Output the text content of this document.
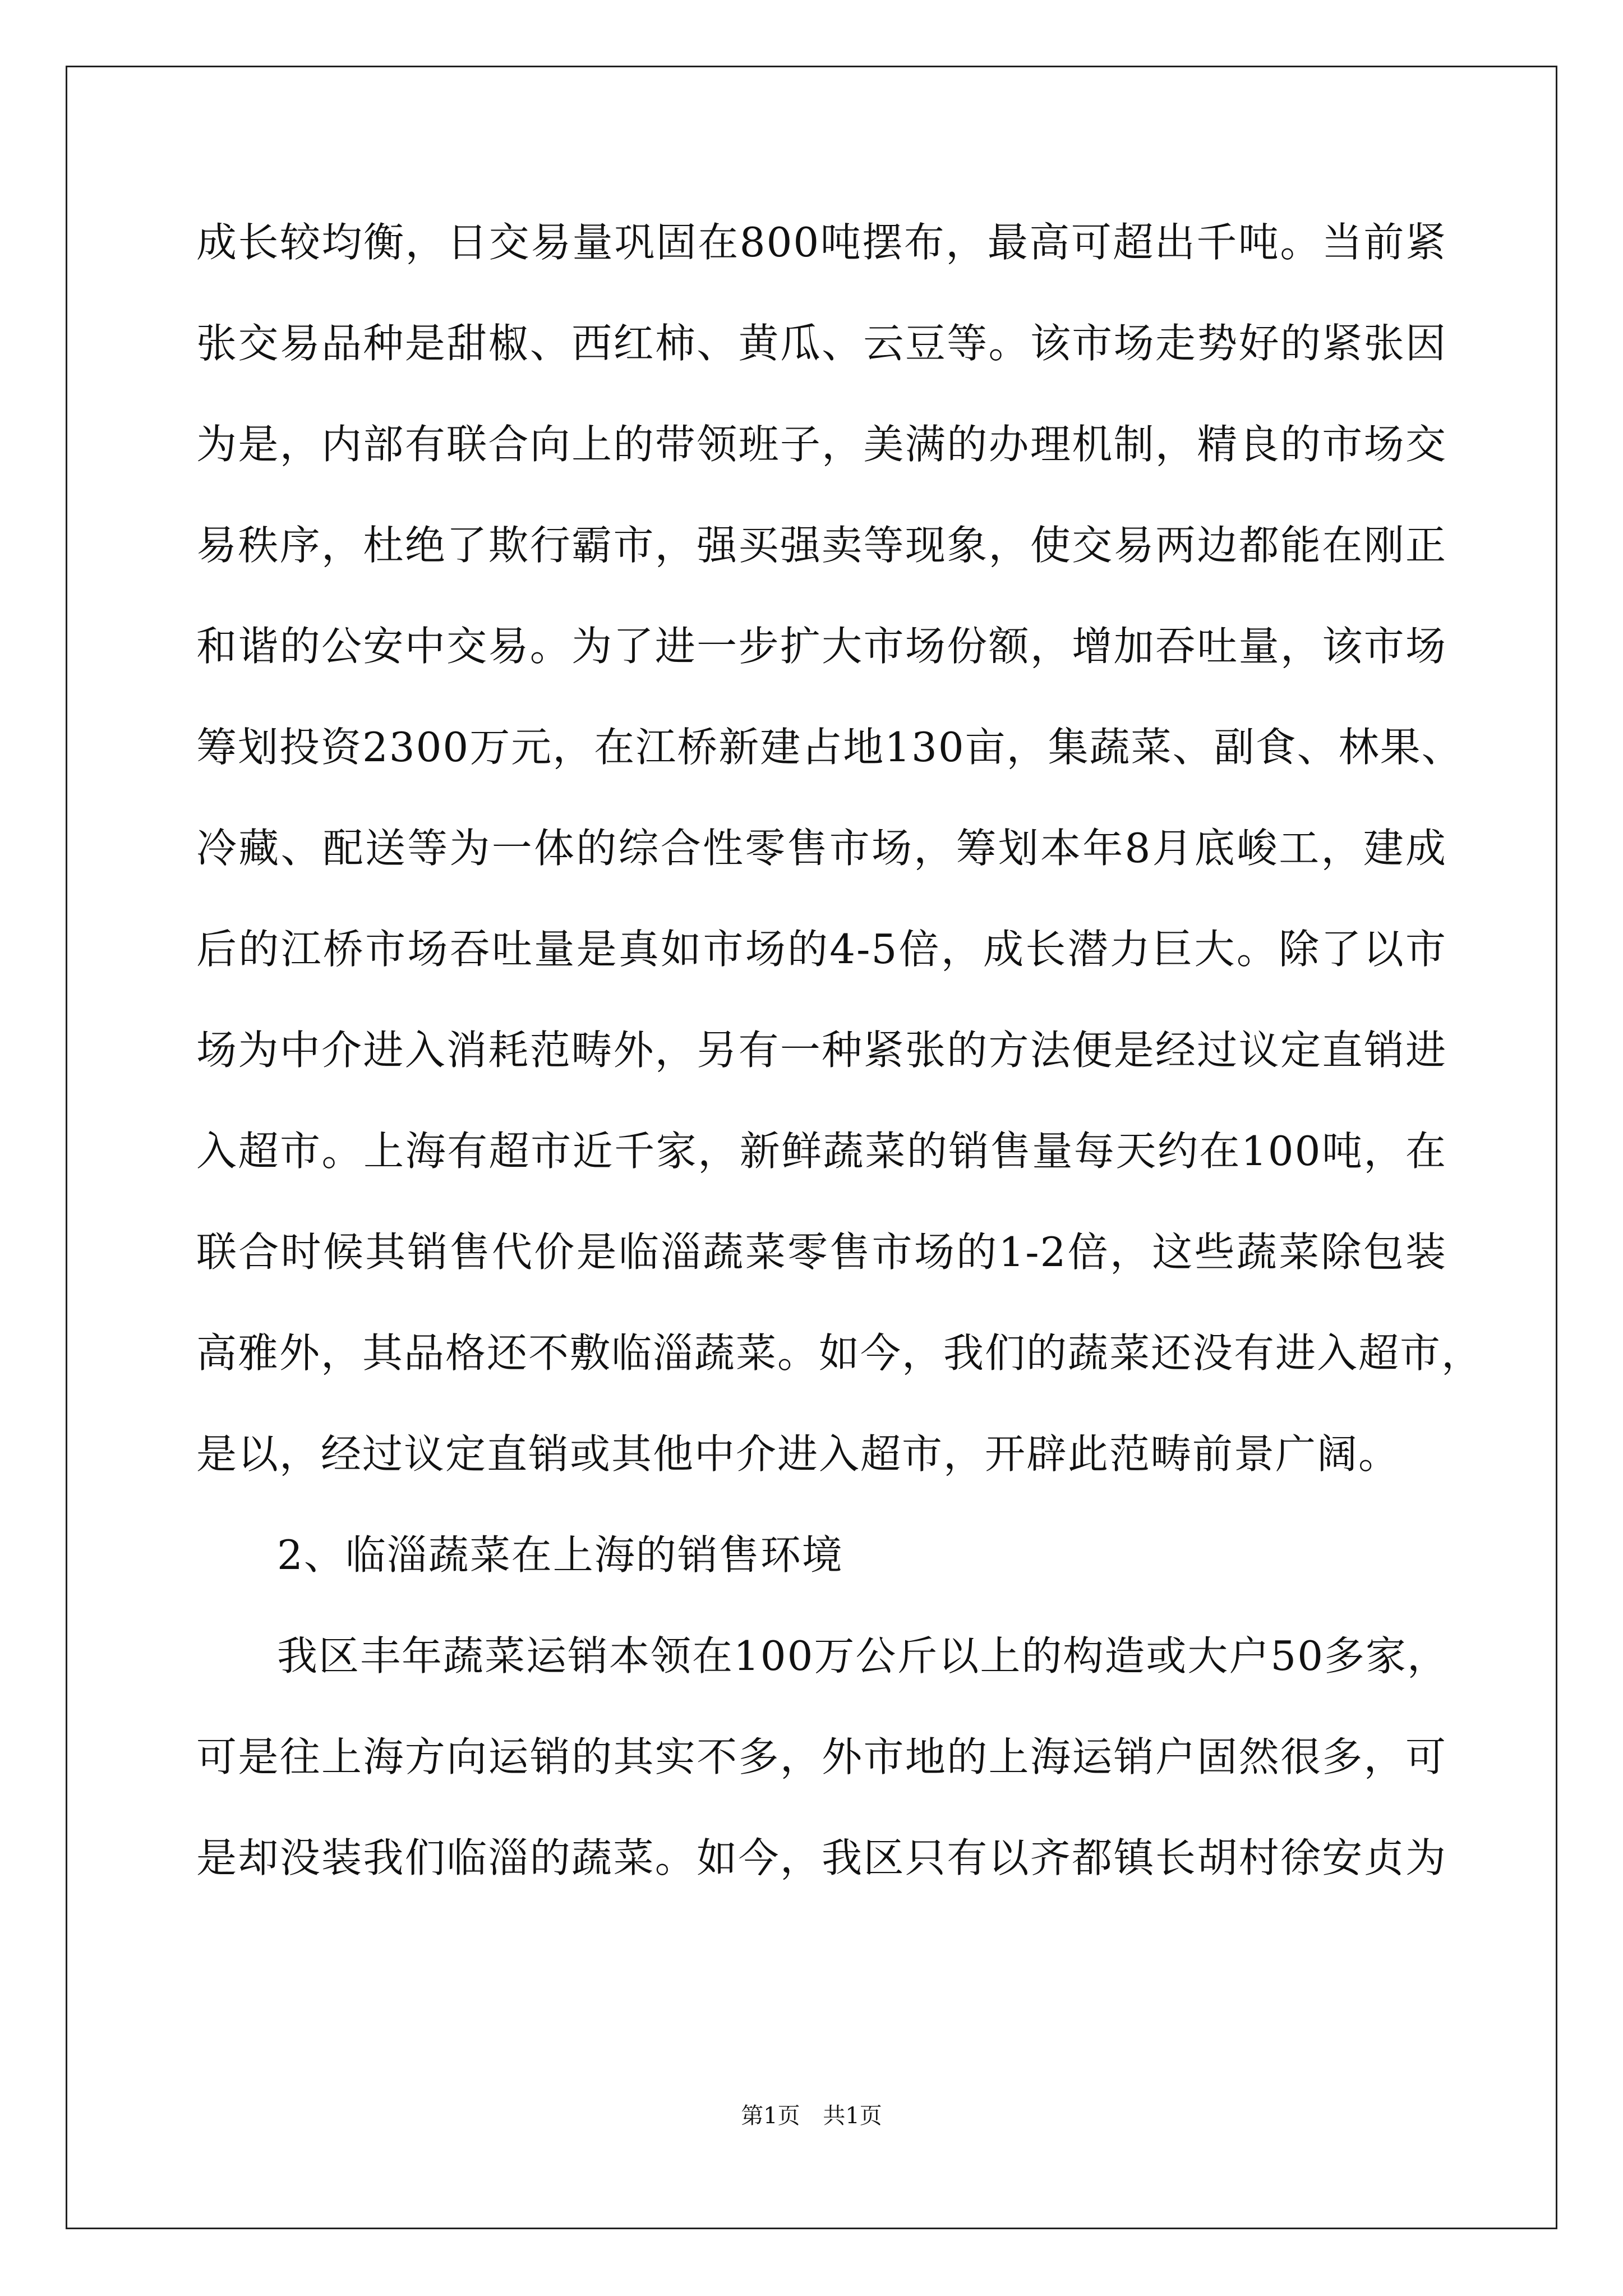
成长较均衡，日交易量巩固在800吨摆布，最高可超出千吨。当前紧
张交易品种是甜椒、西红柿、黄瓜、云豆等。该市场走势好的紧张因
为是，内部有联合向上的带领班子，美满的办理机制，精良的市场交
易秩序，杜绝了欺行霸市，强买强卖等现象，使交易两边都能在刚正
和谐的公安中交易。为了进一步扩大市场份额，增加吞吐量，该市场
筹划投资2300万元，在江桥新建占地130亩，集蔬菜、副食、林果、
冷藏、配送等为一体的综合性零售市场，筹划本年8月底峻工，建成
后的江桥市场吞吐量是真如市场的4-5倍，成长潜力巨大。除了以市
场为中介进入消耗范畴外，另有一种紧张的方法便是经过议定直销进
入超市。上海有超市近千家，新鲜蔬菜的销售量每天约在100吨，在
联合时候其销售代价是临淄蔬菜零售市场的1-2倍，这些蔬菜除包装
高雅外，其品格还不敷临淄蔬菜。如今，我们的蔬菜还没有进入超市，
是以，经过议定直销或其他中介进入超市，开辟此范畴前景广阔。
2、临淄蔬菜在上海的销售环境
我区丰年蔬菜运销本领在100万公斤以上的构造或大户50多家，
可是往上海方向运销的其实不多，外市地的上海运销户固然很多，可
是却没装我们临淄的蔬菜。如今，我区只有以齐都镇长胡村徐安贞为
第1页 共1页
